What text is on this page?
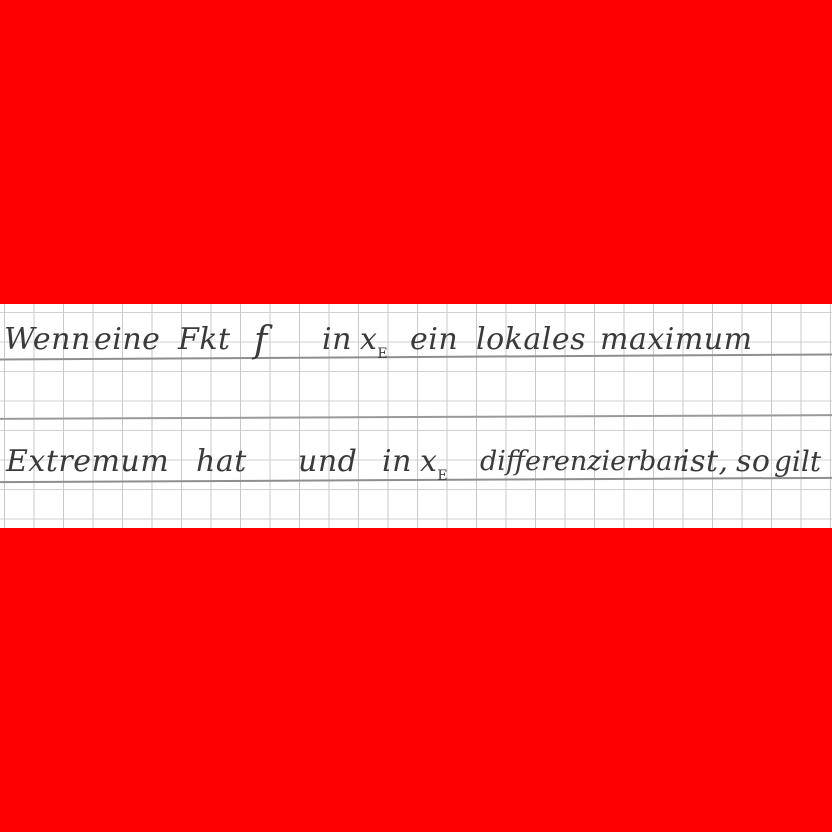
Wenn eine Fkt f in $x_E$ ein lokales maximum
Extremum hat und in $x_E$ differenzierbar
ist, so gilt
